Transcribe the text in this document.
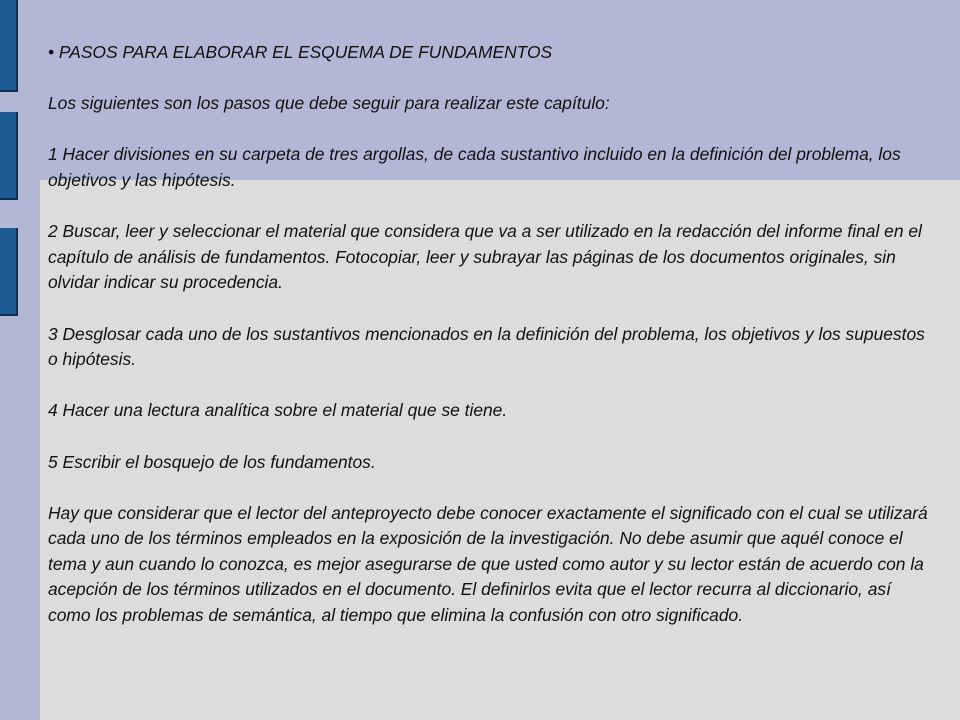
• PASOS PARA ELABORAR EL ESQUEMA DE FUNDAMENTOS

Los siguientes son los pasos que debe seguir para realizar este capítulo:

1 Hacer divisiones en su carpeta de tres argollas, de cada sustantivo incluido en la definición del problema, los objetivos y las hipótesis.

2 Buscar, leer y seleccionar el material que considera que va a ser utilizado en la redacción del informe final en el capítulo de análisis de fundamentos. Fotocopiar, leer y subrayar las páginas de los documentos originales, sin olvidar indicar su procedencia.

3 Desglosar cada uno de los sustantivos mencionados en la definición del problema, los objetivos y los supuestos o hipótesis.

4 Hacer una lectura analítica sobre el material que se tiene.

5 Escribir el bosquejo de los fundamentos.

Hay que considerar que el lector del anteproyecto debe conocer exactamente el significado con el cual se utilizará cada uno de los términos empleados en la exposición de la investigación. No debe asumir que aquél conoce el tema y aun cuando lo conozca, es mejor asegurarse de que usted como autor y su lector están de acuerdo con la acepción de los términos utilizados en el documento. El definirlos evita que el lector recurra al diccionario, así como los problemas de semántica, al tiempo que elimina la confusión con otro significado.
